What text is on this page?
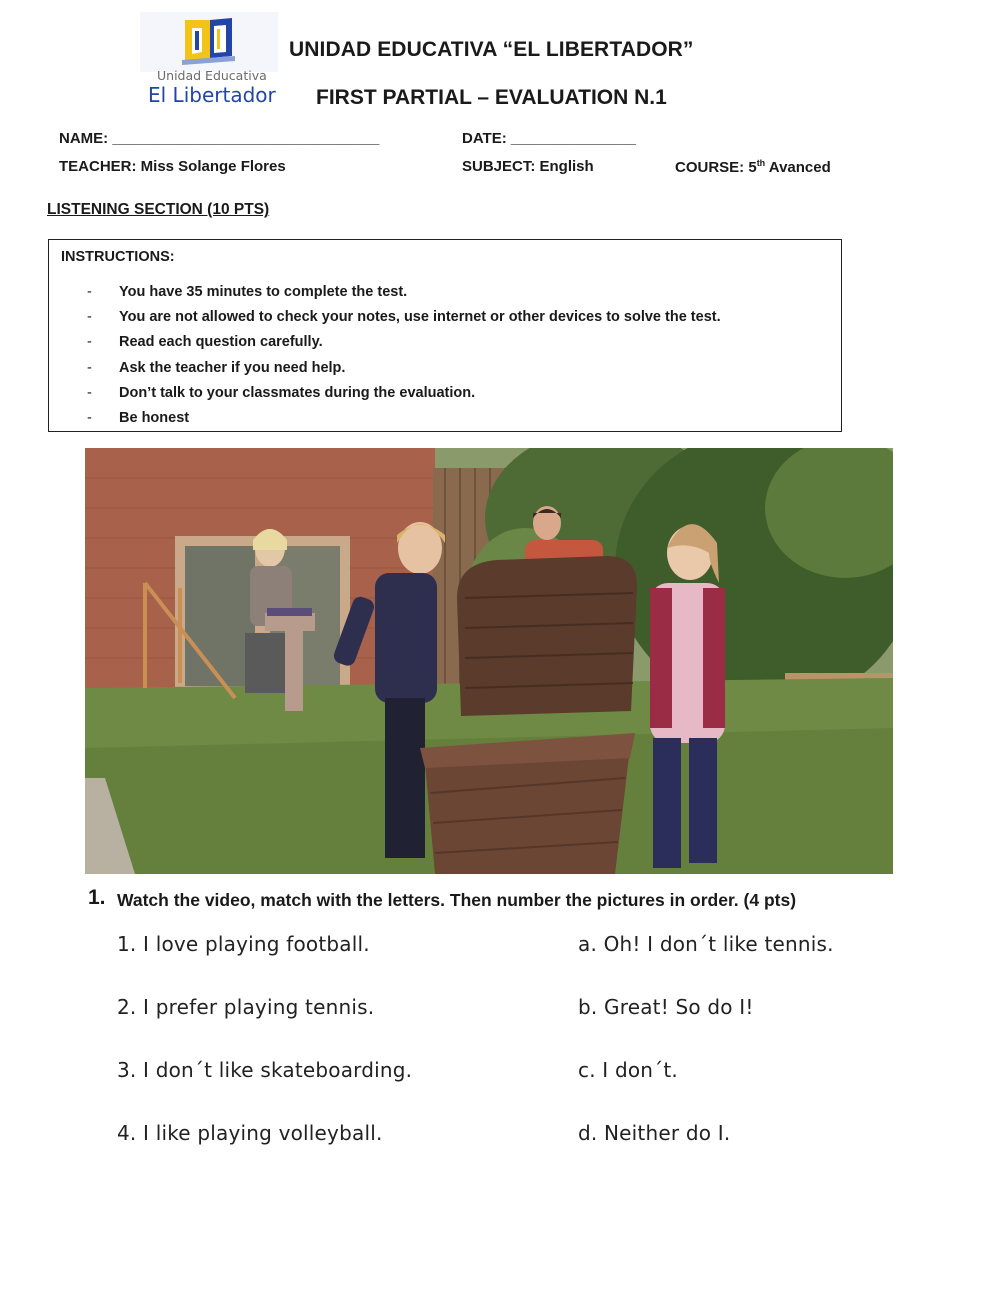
Unidad Educativa
El Libertador
UNIDAD EDUCATIVA “EL LIBERTADOR”
FIRST PARTIAL – EVALUATION N.1
NAME: ________________________________	DATE: _______________
TEACHER: Miss Solange Flores	SUBJECT: English	COURSE: 5th Avanced
LISTENING SECTION (10 PTS)
INSTRUCTIONS:
- You have 35 minutes to complete the test.
- You are not allowed to check your notes, use internet or other devices to solve the test.
- Read each question carefully.
- Ask the teacher if you need help.
- Don’t talk to your classmates during the evaluation.
- Be honest
1. Watch the video, match with the letters. Then number the pictures in order. (4 pts)
1. I love playing football.
2. I prefer playing tennis.
3. I don´t like skateboarding.
4. I like playing volleyball.
a. Oh! I don´t like tennis.
b. Great! So do I!
c. I don´t.
d. Neither do I.
